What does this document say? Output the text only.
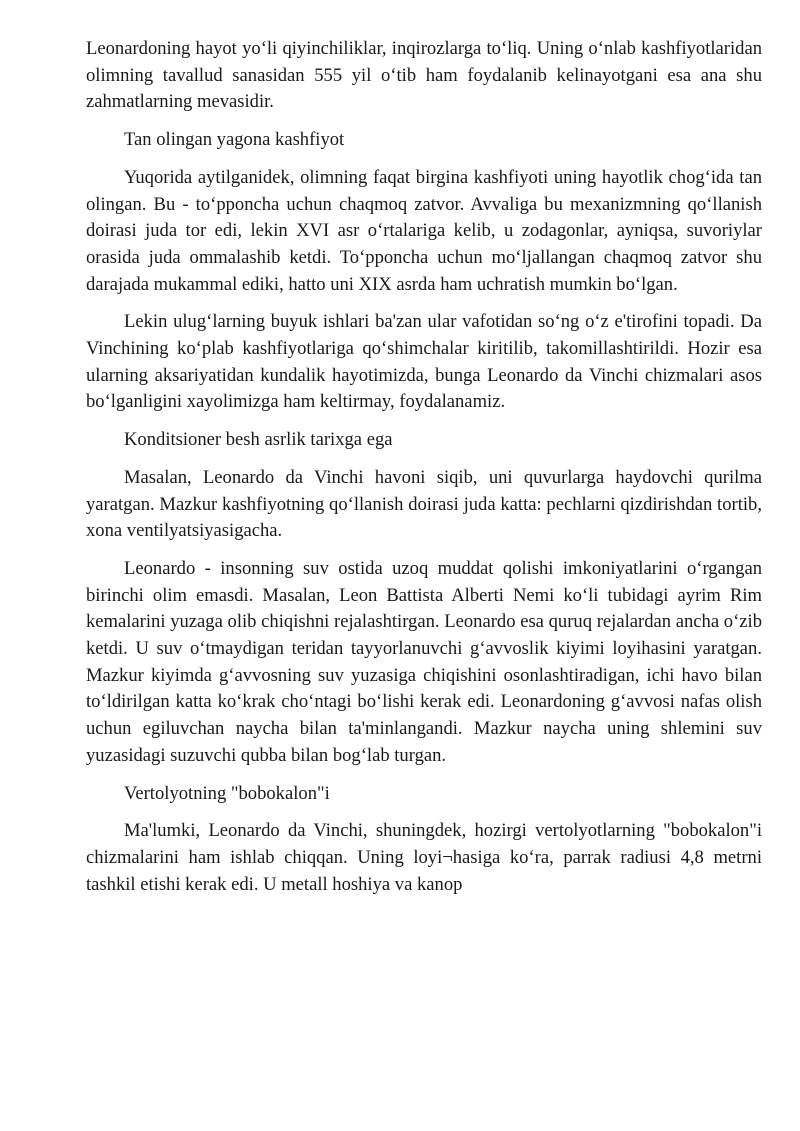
Leonardoning hayot yo‘li qiyinchiliklar, inqirozlarga to‘liq. Uning o‘nlab kashfiyotlaridan olimning tavallud sanasidan 555 yil o‘tib ham foydalanib kelinayotgani esa ana shu zahmatlarning mevasidir.

Tan olingan yagona kashfiyot

Yuqorida aytilganidek, olimning faqat birgina kashfiyoti uning hayotlik chog‘ida tan olingan. Bu - to‘pponcha uchun chaqmoq zatvor. Avvaliga bu mexanizmning qo‘llanish doirasi juda tor edi, lekin XVI asr o‘rtalariga kelib, u zodagonlar, ayniqsa, suvoriylar orasida juda ommalashib ketdi. To‘pponcha uchun mo‘ljallangan chaqmoq zatvor shu darajada mukammal ediki, hatto uni XIX asrda ham uchratish mumkin bo‘lgan.

Lekin ulug‘larning buyuk ishlari ba'zan ular vafotidan so‘ng o‘z e'tirofini topadi. Da Vinchining ko‘plab kashfiyotlariga qo‘shimchalar kiritilib, takomillashtirildi. Hozir esa ularning aksariyatidan kundalik hayotimizda, bunga Leonardo da Vinchi chizmalari asos bo‘lganligini xayolimizga ham keltirmay, foydalanamiz.

Konditsioner besh asrlik tarixga ega

Masalan, Leonardo da Vinchi havoni siqib, uni quvurlarga haydovchi qurilma yaratgan. Mazkur kashfiyotning qo‘llanish doirasi juda katta: pechlarni qizdirishdan tortib, xona ventilyatsiyasigacha.

Leonardo - insonning suv ostida uzoq muddat qolishi imkoniyatlarini o‘rgangan birinchi olim emasdi. Masalan, Leon Battista Alberti Nemi ko‘li tubidagi ayrim Rim kemalarini yuzaga olib chiqishni rejalashtirgan. Leonardo esa quruq rejalardan ancha o‘zib ketdi. U suv o‘tmaydigan teridan tayyorlanuvchi g‘avvoslik kiyimi loyihasini yaratgan. Mazkur kiyimda g‘avvosning suv yuzasiga chiqishini osonlashtiradigan, ichi havo bilan to‘ldirilgan katta ko‘krak cho‘ntagi bo‘lishi kerak edi. Leonardoning g‘avvosi nafas olish uchun egiluvchan naycha bilan ta'minlangandi. Mazkur naycha uning shlemini suv yuzasidagi suzuvchi qubba bilan bog‘lab turgan.

Vertolyotning "bobokalon"i

Ma'lumki, Leonardo da Vinchi, shuningdek, hozirgi vertolyotlarning "bobokalon"i chizmalarini ham ishlab chiqqan. Uning loyi¬hasiga ko‘ra, parrak radiusi 4,8 metrni tashkil etishi kerak edi. U metall hoshiya va kanop
